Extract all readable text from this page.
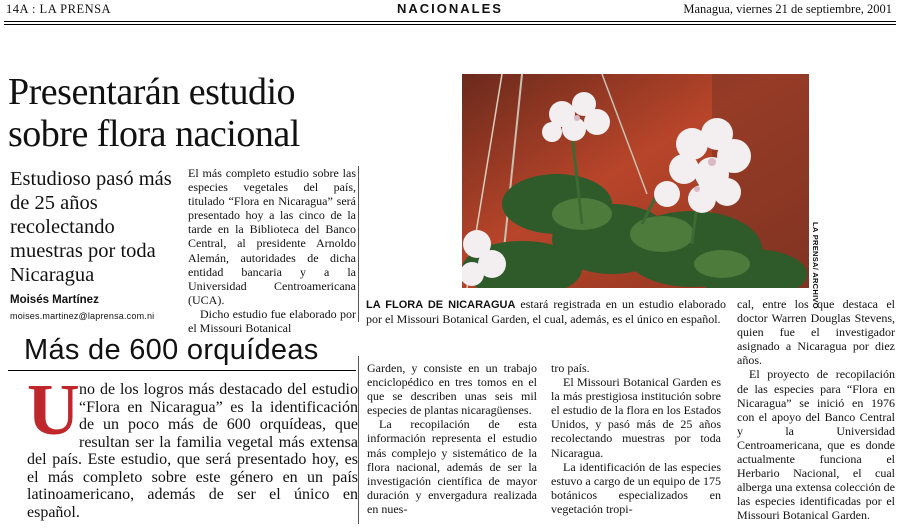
14A : LA PRENSA	NACIONALES	Managua, viernes 21 de septiembre, 2001
Presentarán estudio sobre flora nacional
Estudioso pasó más de 25 años recolectando muestras por toda Nicaragua
Moisés Martínez
moises.martinez@laprensa.com.ni

El más completo estudio sobre las especies vegetales del país, titulado “Flora en Nicaragua” será presentado hoy a las cinco de la tarde en la Biblioteca del Banco Central, al presidente Arnoldo Alemán, autoridades de dicha entidad bancaria y a la Universidad Centroamericana (UCA).

Dicho estudio fue elaborado por el Missouri Botanical

LA PRENSA/ ARCHIVO
LA FLORA DE NICARAGUA estará registrada en un estudio elaborado por el Missouri Botanical Garden, el cual, además, es el único en español.

cal, entre los que destaca el doctor Warren Douglas Stevens, quien fue el investigador asignado a Nicaragua por diez años.

El proyecto de recopilación de las especies para “Flora en Nicaragua” se inició en 1976 con el apoyo del Banco Central y la Universidad Centroamericana, que es donde actualmente funciona el Herbario Nacional, el cual alberga una extensa colección de las especies identificadas por el Missouri Botanical Garden.

Más de 600 orquídeas
no de los logros más destacado del estudio “Flora en Nicaragua” es la identificación de un poco más de 600 orquídeas, que resultan ser la familia vegetal más extensa del país. Este estudio, que será presentado hoy, es el más completo sobre este género en un país latinoamericano, además de ser el único en español.
U

Garden, y consiste en un trabajo enciclopédico en tres tomos en el que se describen unas seis mil especies de plantas nicaragüenses.

La recopilación de esta información representa el estudio más complejo y sistemático de la flora nacional, además de ser la investigación científica de mayor duración y envergadura realizada en nues-

tro país.

El Missouri Botanical Garden es la más prestigiosa institución sobre el estudio de la flora en los Estados Unidos, y pasó más de 25 años recolectando muestras por toda Nicaragua.

La identificación de las especies estuvo a cargo de un equipo de 175 botánicos especializados en vegetación tropi-
